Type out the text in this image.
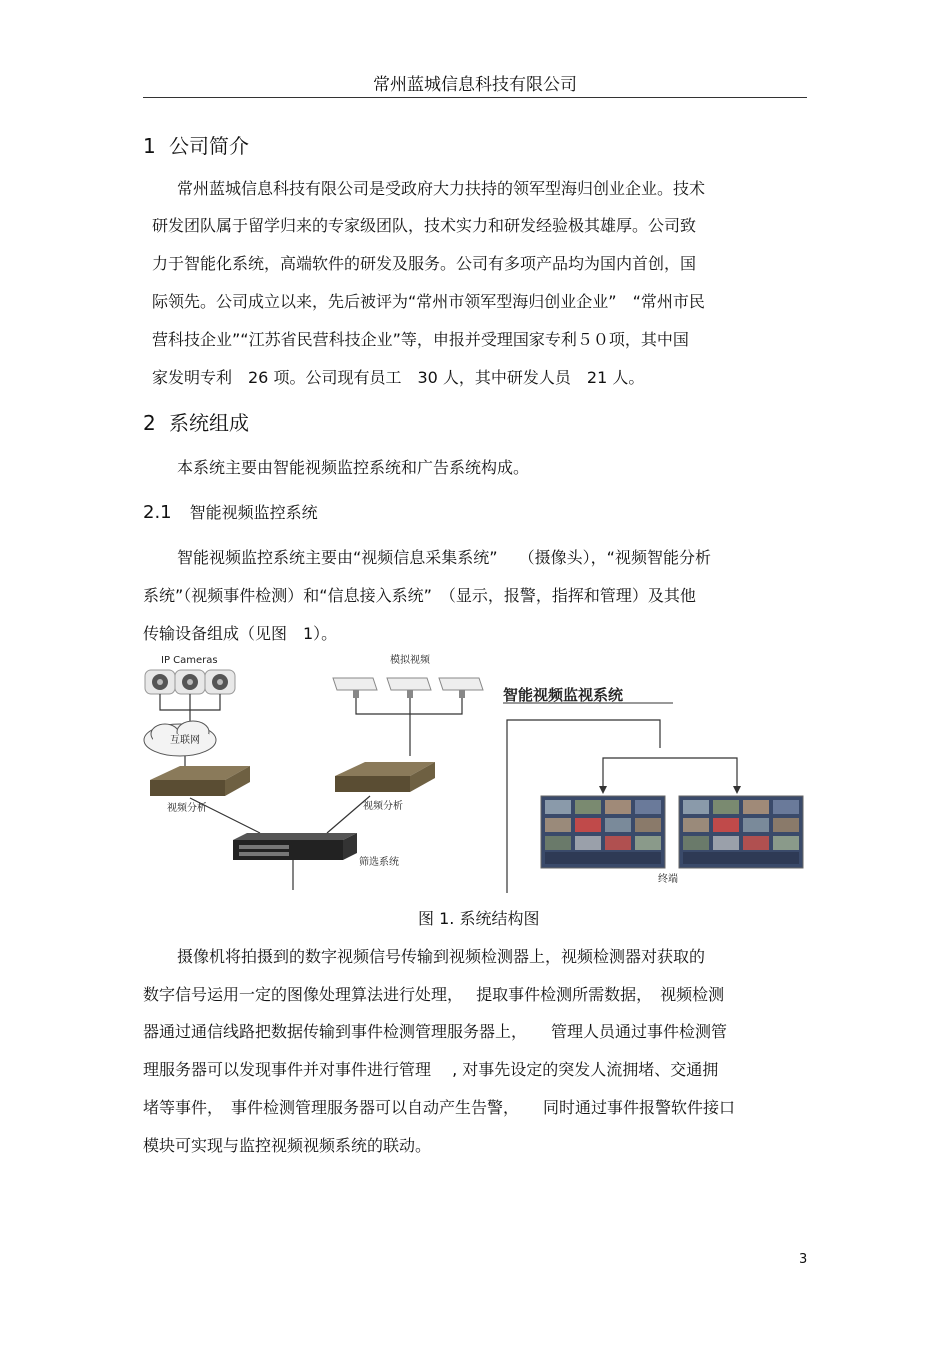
常州蓝城信息科技有限公司
1 公司简介
常州蓝城信息科技有限公司是受政府大力扶持的领军型海归创业企业。技术
研发团队属于留学归来的专家级团队，技术实力和研发经验极其雄厚。公司致
力于智能化系统，高端软件的研发及服务。公司有多项产品均为国内首创，国
际领先。公司成立以来，先后被评为“常州市领军型海归创业企业”　“常州市民
营科技企业”“江苏省民营科技企业”等，申报并受理国家专利５０项，其中国
家发明专利　26 项。公司现有员工　30 人，其中研发人员　21 人。
2 系统组成
本系统主要由智能视频监控系统和广告系统构成。
2.1 智能视频监控系统
智能视频监控系统主要由“视频信息采集系统”　 （摄像头），“视频智能分析
系统”（视频事件检测）和“信息接入系统”　（显示，报警，指挥和管理）及其他
传输设备组成（见图　1）。
IP Cameras
互联网
视频分析
模拟视频
视频分析
筛选系统
智能视频监视系统
终端
图 1. 系统结构图
摄像机将拍摄到的数字视频信号传输到视频检测器上，视频检测器对获取的
数字信号运用一定的图像处理算法进行处理，　 提取事件检测所需数据，　视频检测
器通过通信线路把数据传输到事件检测管理服务器上，　　管理人员通过事件检测管
理服务器可以发现事件并对事件进行管理　 , 对事先设定的突发人流拥堵、交通拥
堵等事件，　事件检测管理服务器可以自动产生告警，　　同时通过事件报警软件接口
模块可实现与监控视频视频系统的联动。
3
